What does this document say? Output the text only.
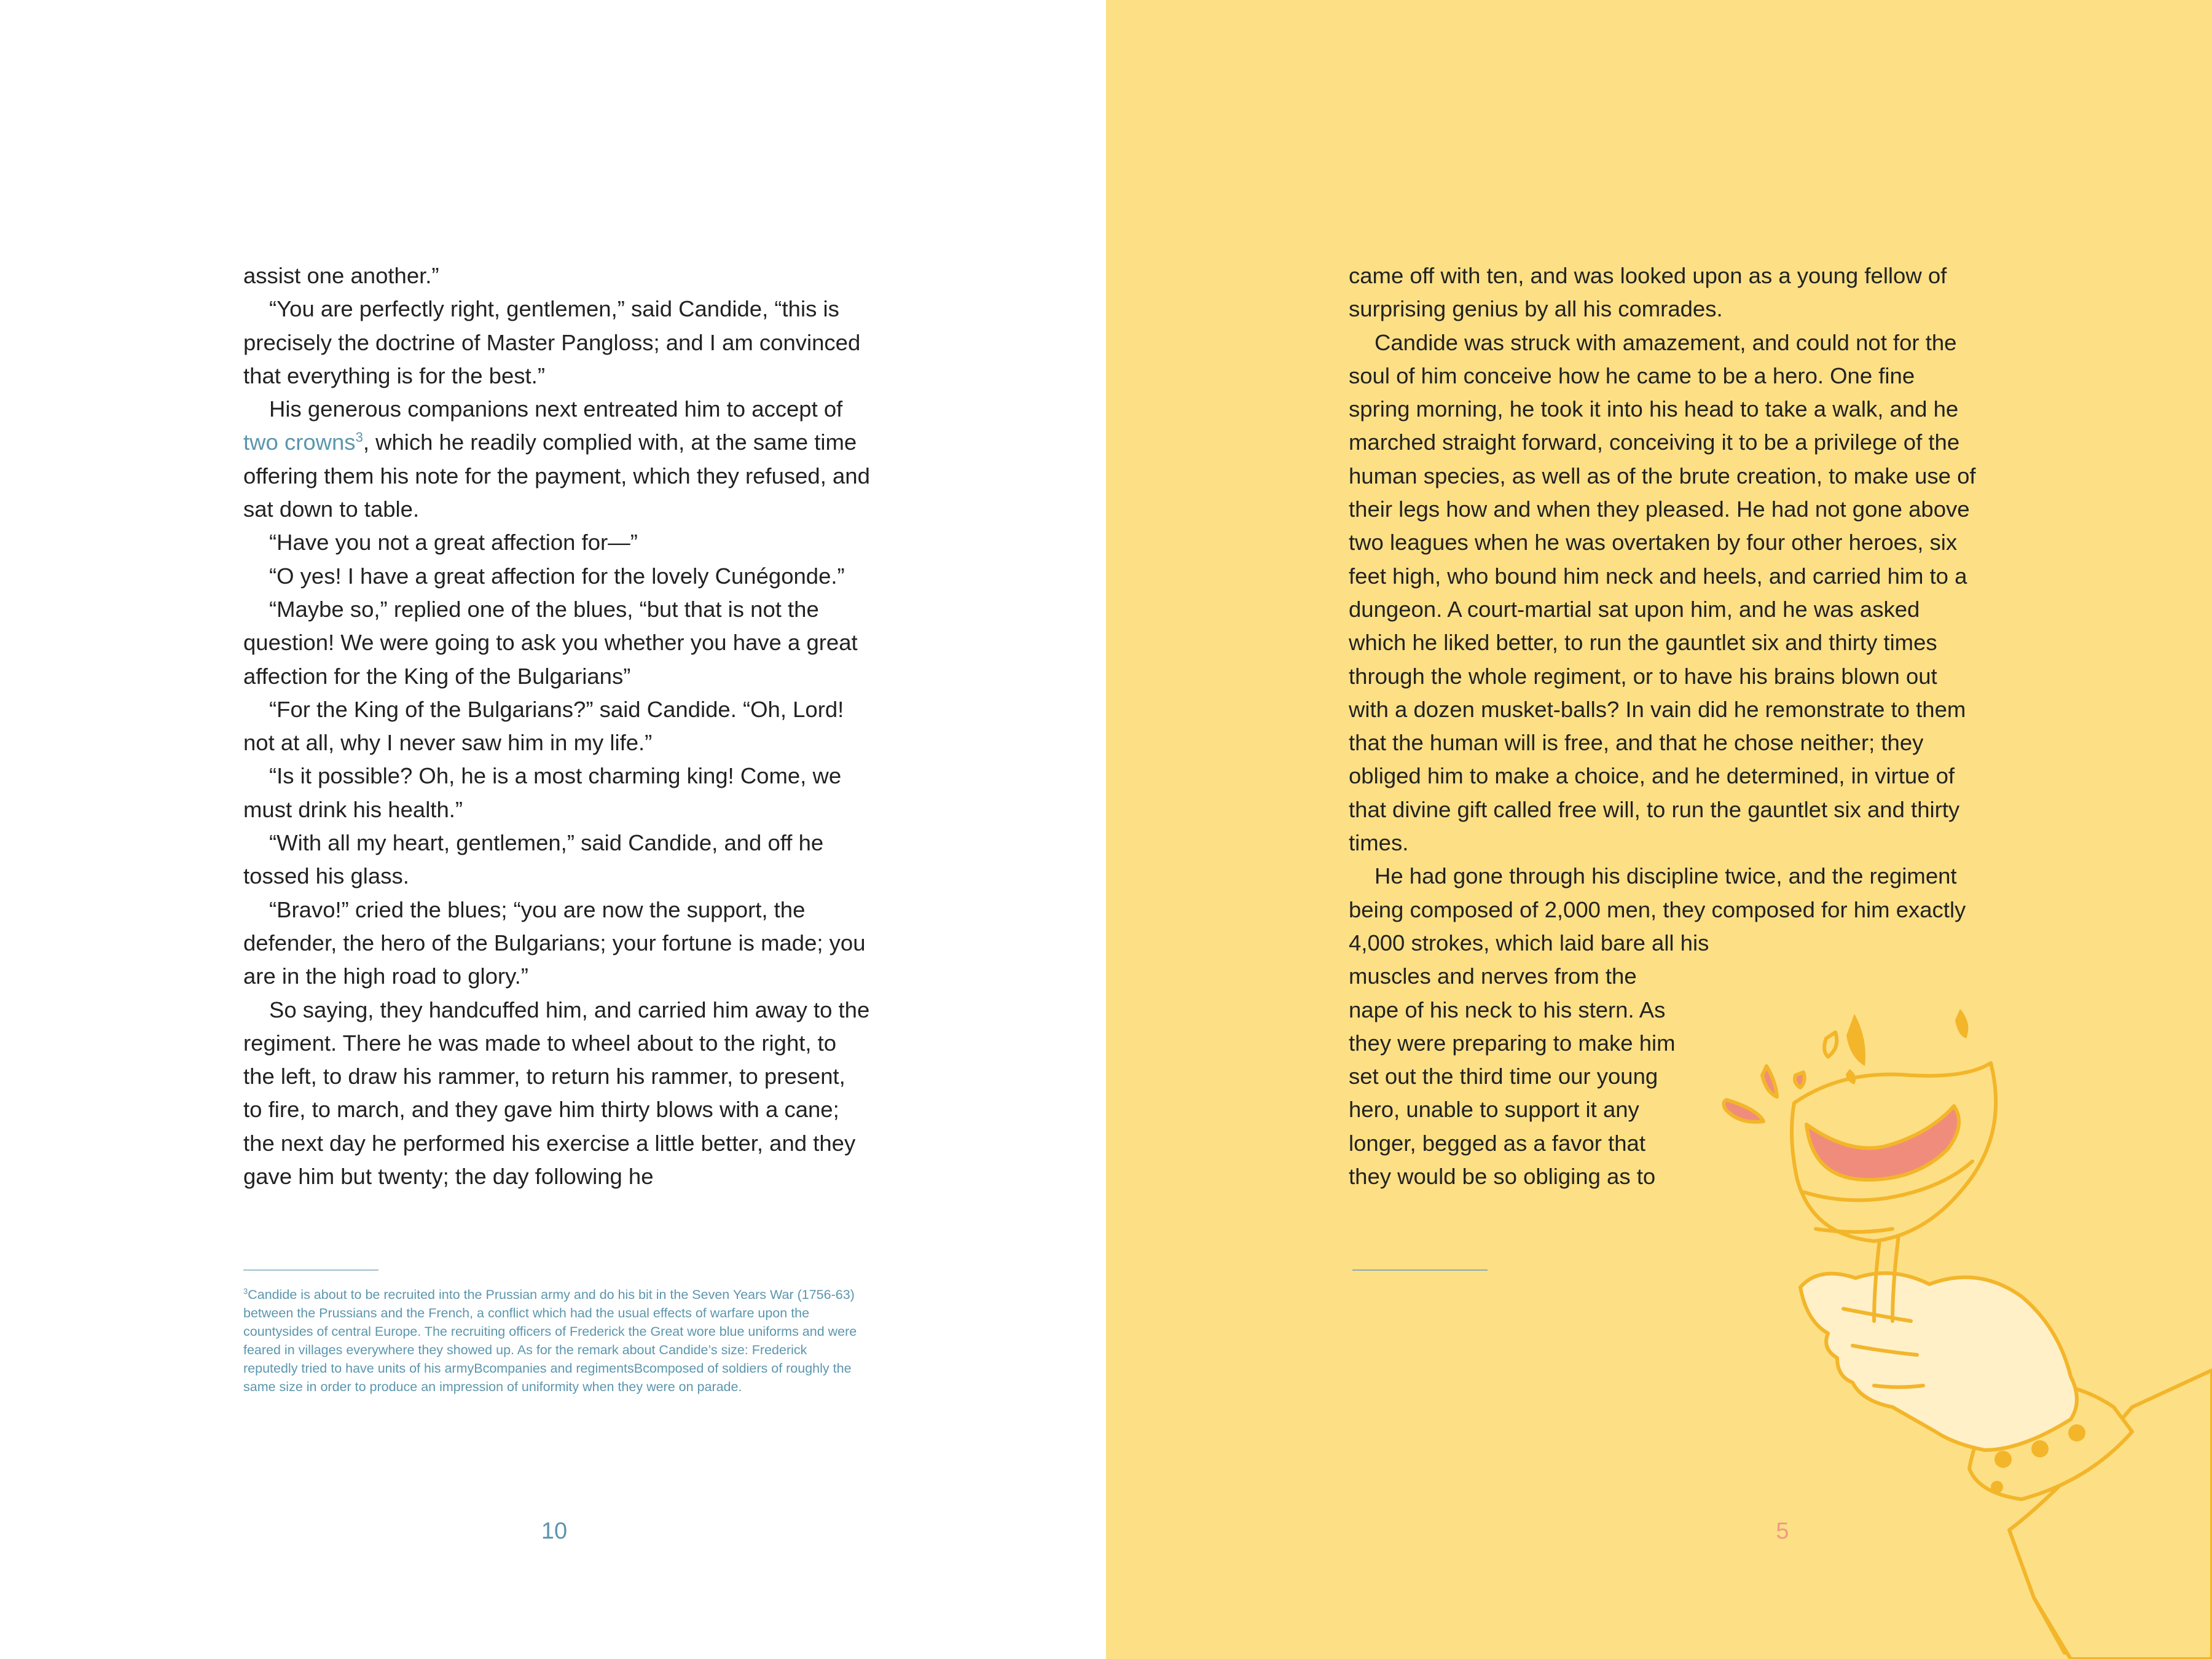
assist one another.”

“You are perfectly right, gentlemen,” said Candide, “this is precisely the doctrine of Master Pangloss; and I am convinced that everything is for the best.”

His generous companions next entreated him to accept of two crowns$^3$, which he readily complied with, at the same time offering them his note for the payment, which they refused, and sat down to table.

“Have you not a great affection for—”

“O yes! I have a great affection for the lovely Cunégonde.”

“Maybe so,” replied one of the blues, “but that is not the question! We were going to ask you whether you have a great affection for the King of the Bulgarians”

“For the King of the Bulgarians?” said Candide. “Oh, Lord! not at all, why I never saw him in my life.”

“Is it possible? Oh, he is a most charming king! Come, we must drink his health.”

“With all my heart, gentlemen,” said Candide, and off he tossed his glass.

“Bravo!” cried the blues; “you are now the support, the defender, the hero of the Bulgarians; your fortune is made; you are in the high road to glory.”

So saying, they handcuffed him, and carried him away to the regiment. There he was made to wheel about to the right, to the left, to draw his rammer, to return his rammer, to present, to fire, to march, and they gave him thirty blows with a cane; the next day he performed his exercise a little better, and they gave him but twenty; the day following he

$^3$Candide is about to be recruited into the Prussian army and do his bit in the Seven Years War (1756-63) between the Prussians and the French, a conflict which had the usual effects of warfare upon the countysides of central Europe. The recruiting officers of Frederick the Great wore blue uniforms and were feared in villages everywhere they showed up. As for the remark about Candide’s size: Frederick reputedly tried to have units of his armyBcompanies and regimentsBcomposed of soldiers of roughly the same size in order to produce an impression of uniformity when they were on parade.
10

came off with ten, and was looked upon as a young fellow of surprising genius by all his comrades.

Candide was struck with amazement, and could not for the soul of him conceive how he came to be a hero. One fine spring morning, he took it into his head to take a walk, and he marched straight forward, conceiving it to be a privilege of the human species, as well as of the brute creation, to make use of their legs how and when they pleased. He had not gone above two leagues when he was overtaken by four other heroes, six feet high, who bound him neck and heels, and carried him to a dungeon. A court-martial sat upon him, and he was asked which he liked better, to run the gauntlet six and thirty times through the whole regiment, or to have his brains blown out with a dozen musket-balls? In vain did he remonstrate to them that the human will is free, and that he chose neither; they obliged him to make a choice, and he determined, in virtue of that divine gift called free will, to run the gauntlet six and thirty times.

He had gone through his discipline twice, and the regiment being composed of 2,000 men, they composed for him exactly 4,000 strokes, which laid bare all his

muscles and nerves from the
nape of his neck to his stern. As
they were preparing to make him
set out the third time our young
hero, unable to support it any
longer, begged as a favor that
they would be so obliging as to
5
